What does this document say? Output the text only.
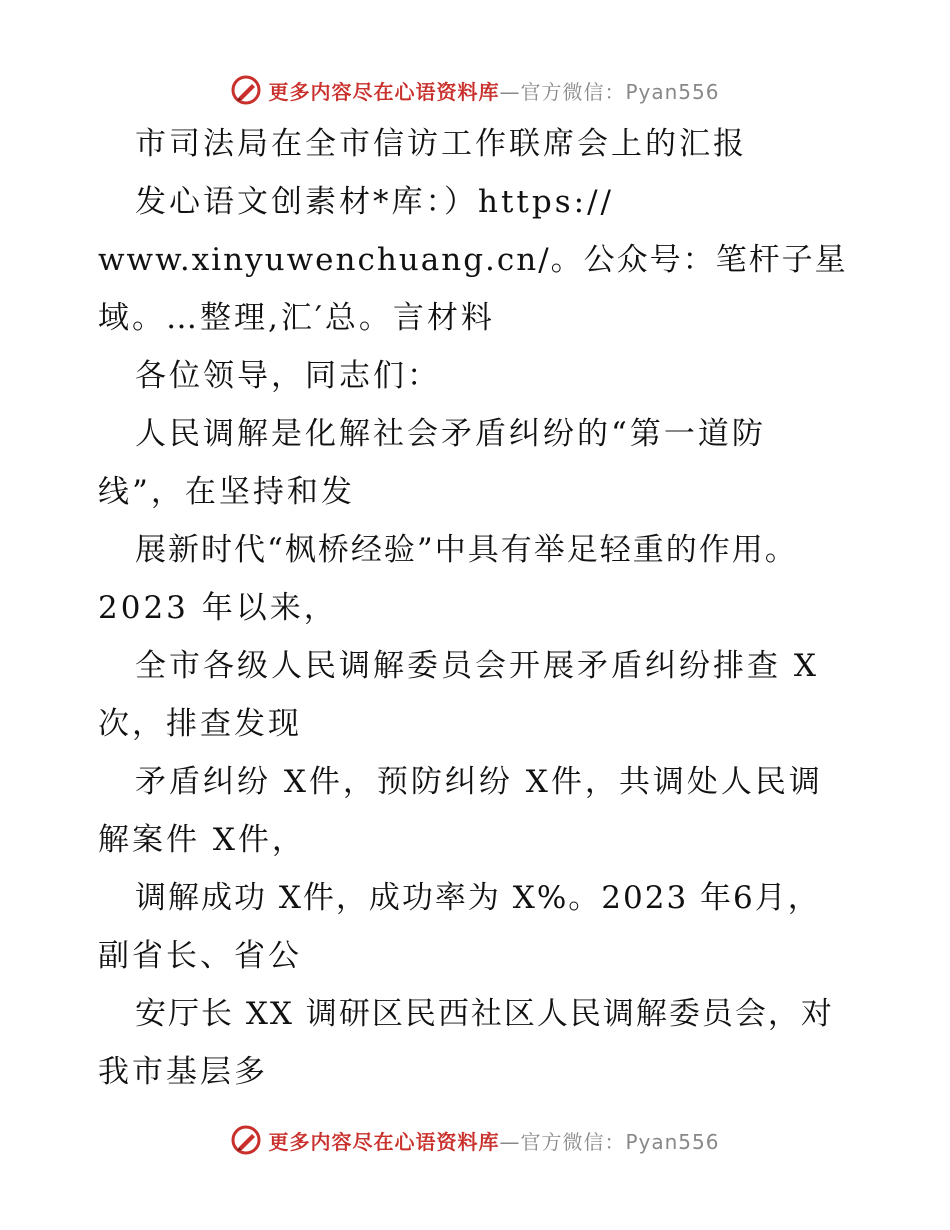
更多内容尽在心语资料库—官方微信：Pyan556
市司法局在全市信访工作联席会上的汇报
发心语文创素材*库：）https://
www.xinyuwenchuang.cn/。公众号：笔杆子星
域。…整理,汇′总。言材料
各位领导，同志们：
人民调解是化解社会矛盾纠纷的“第一道防
线”，在坚持和发
展新时代“枫桥经验”中具有举足轻重的作用。
2023 年以来，
全市各级人民调解委员会开展矛盾纠纷排查 X
次，排查发现
矛盾纠纷 X件，预防纠纷 X件，共调处人民调
解案件 X件，
调解成功 X件，成功率为 X%。2023 年6月，
副省长、省公
安厅长 XX 调研区民西社区人民调解委员会，对
我市基层多
更多内容尽在心语资料库—官方微信：Pyan556
